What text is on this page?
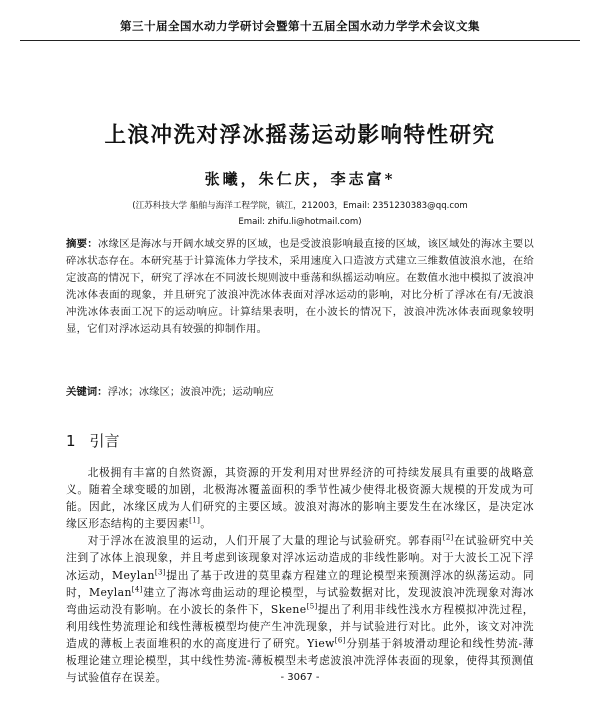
第三十届全国水动力学研讨会暨第十五届全国水动力学学术会议文集
上浪冲洗对浮冰摇荡运动影响特性研究
张曦，朱仁庆，李志富*
(江苏科技大学 船舶与海洋工程学院，镇江，212003，Email: 2351230383@qq.com
Email: zhifu.li@hotmail.com)
摘要：冰缘区是海冰与开阔水域交界的区域，也是受波浪影响最直接的区域，该区域处的海冰主要以碎冰状态存在。本研究基于计算流体力学技术，采用速度入口造波方式建立三维数值波浪水池，在给定波高的情况下，研究了浮冰在不同波长规则波中垂荡和纵摇运动响应。在数值水池中模拟了波浪冲洗冰体表面的现象，并且研究了波浪冲洗冰体表面对浮冰运动的影响，对比分析了浮冰在有/无波浪冲洗冰体表面工况下的运动响应。计算结果表明，在小波长的情况下，波浪冲洗冰体表面现象较明显，它们对浮冰运动具有较强的抑制作用。
关键词：浮冰；冰缘区；波浪冲洗；运动响应
1 引言

北极拥有丰富的自然资源，其资源的开发利用对世界经济的可持续发展具有重要的战略意义。随着全球变暖的加剧，北极海冰覆盖面积的季节性减少使得北极资源大规模的开发成为可能。因此，冰缘区成为人们研究的主要区域。波浪对海冰的影响主要发生在冰缘区，是决定冰缘区形态结构的主要因素[1]。

对于浮冰在波浪里的运动，人们开展了大量的理论与试验研究。郭春雨[2]在试验研究中关注到了冰体上浪现象，并且考虑到该现象对浮冰运动造成的非线性影响。对于大波长工况下浮冰运动，Meylan[3]提出了基于改进的莫里森方程建立的理论模型来预测浮冰的纵荡运动。同时，Meylan[4]建立了海冰弯曲运动的理论模型，与试验数据对比，发现波浪冲洗现象对海冰弯曲运动没有影响。在小波长的条件下，Skene[5]提出了利用非线性浅水方程模拟冲洗过程，利用线性势流理论和线性薄板模型均使产生冲洗现象，并与试验进行对比。此外，该文对冲洗造成的薄板上表面堆积的水的高度进行了研究。Yiew[6]分别基于斜坡滑动理论和线性势流-薄板理论建立理论模型，其中线性势流-薄板模型未考虑波浪冲洗浮体表面的现象，使得其预测值与试验值存在误差。	- 3067 -
